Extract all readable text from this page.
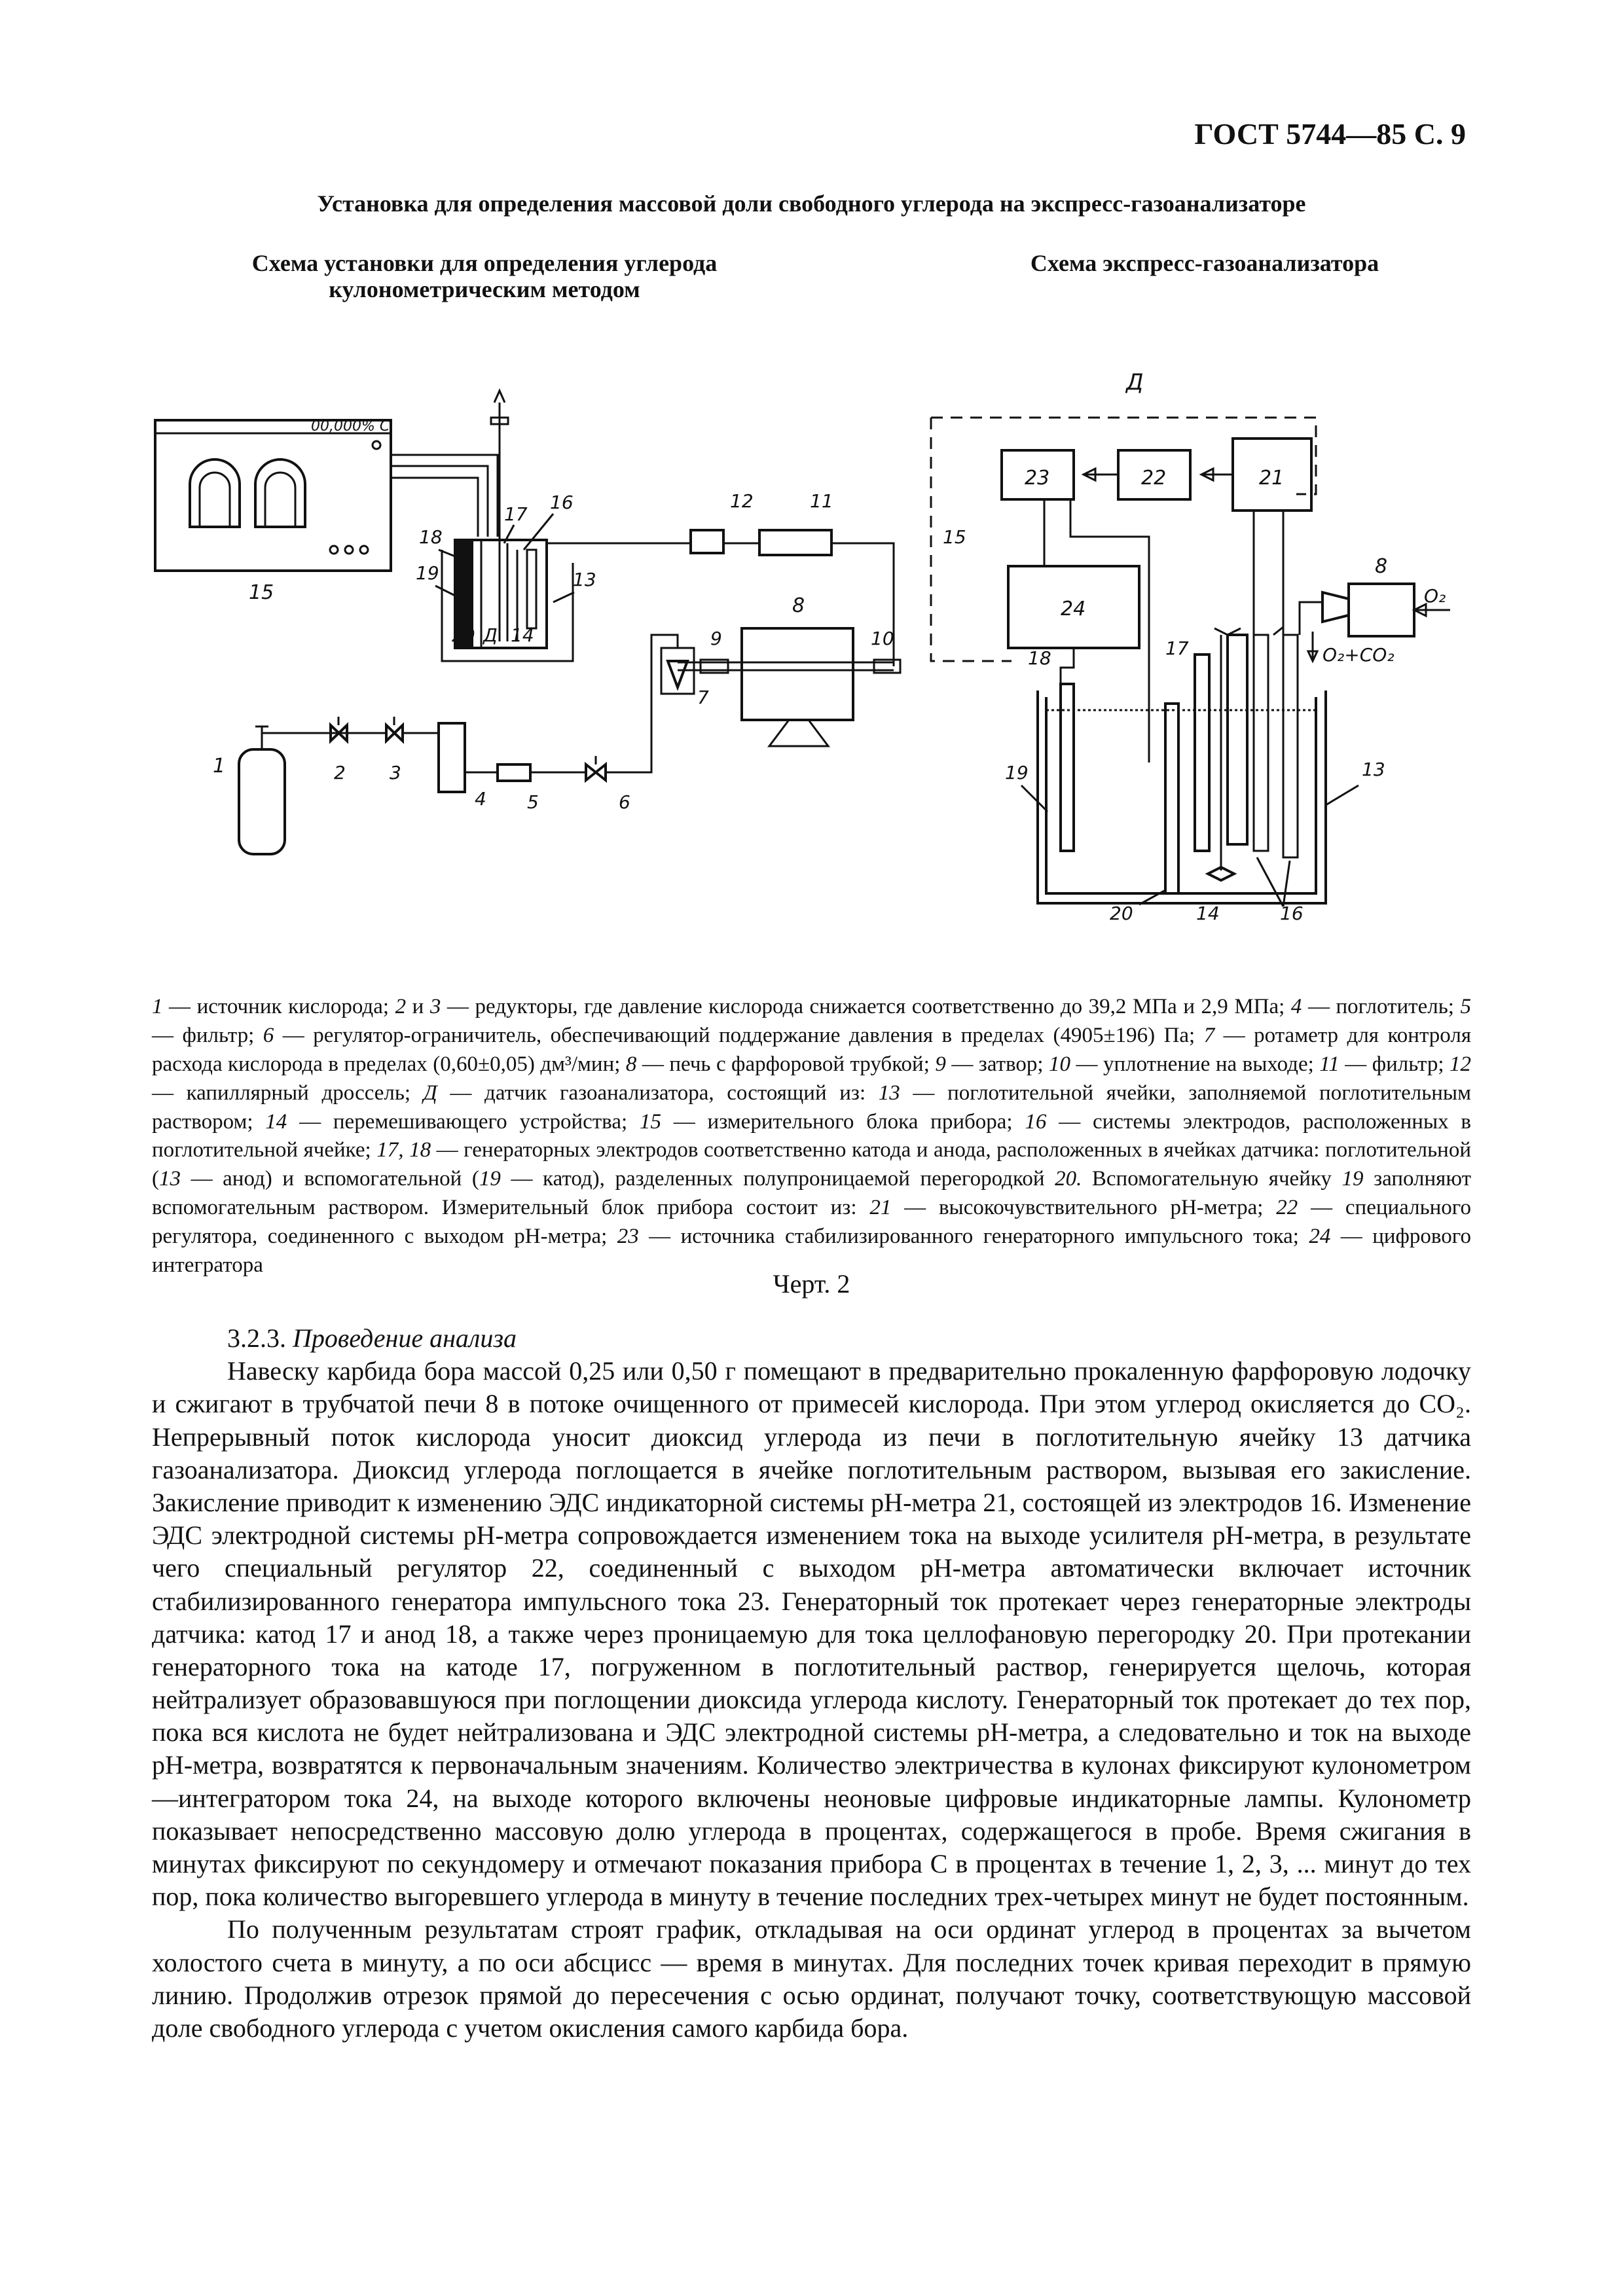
ГОСТ 5744—85 С. 9
Установка для определения массовой доли свободного углерода на экспресс-газоанализаторе
Схема установки для определения углерода кулонометрическим методом
Схема экспресс-газоанализатора
00,000% C
15
18
19
17
16
13
20 Д 14
12	11
8
9	10
7
1	2 3
4 5	6
Д
15
23	22	21
24
18
19
17
16
14
20
13
8
O₂
O₂+CO₂
1 — источник кислорода; 2 и 3 — редукторы, где давление кислорода снижается соответственно до 39,2 МПа и 2,9 МПа; 4 — поглотитель; 5 — фильтр; 6 — регулятор-ограничитель, обеспечивающий поддержание давления в пределах (4905±196) Па; 7 — ротаметр для контроля расхода кислорода в пределах (0,60±0,05) дм³/мин; 8 — печь с фарфоровой трубкой; 9 — затвор; 10 — уплотнение на выходе; 11 — фильтр; 12 — капиллярный дроссель; Д — датчик газоанализатора, состоящий из: 13 — поглотительной ячейки, заполняемой поглотительным раствором; 14 — перемешивающего устройства; 15 — измерительного блока прибора; 16 — системы электродов, расположенных в поглотительной ячейке; 17, 18 — генераторных электродов соответственно катода и анода, расположенных в ячейках датчика: поглотительной (13 — анод) и вспомогательной (19 — катод), разделенных полупроницаемой перегородкой 20. Вспомогательную ячейку 19 заполняют вспомогательным раствором. Измерительный блок прибора состоит из: 21 — высокочувствительного pH-метра; 22 — специального регулятора, соединенного с выходом pH-метра; 23 — источника стабилизированного генераторного импульсного тока; 24 — цифрового интегратора
Черт. 2

3.2.3. Проведение анализа

Навеску карбида бора массой 0,25 или 0,50 г помещают в предварительно прокаленную фарфоровую лодочку и сжигают в трубчатой печи 8 в потоке очищенного от примесей кислорода. При этом углерод окисляется до CO₂. Непрерывный поток кислорода уносит диоксид углерода из печи в поглотительную ячейку 13 датчика газоанализатора. Диоксид углерода поглощается в ячейке поглотительным раствором, вызывая его закисление. Закисление приводит к изменению ЭДС индикаторной системы pH-метра 21, состоящей из электродов 16. Изменение ЭДС электродной системы pH-метра сопровождается изменением тока на выходе усилителя pH-метра, в результате чего специальный регулятор 22, соединенный с выходом pH-метра автоматически включает источник стабилизированного генератора импульсного тока 23. Генераторный ток протекает через генераторные электроды датчика: катод 17 и анод 18, а также через проницаемую для тока целлофановую перегородку 20. При протекании генераторного тока на катоде 17, погруженном в поглотительный раствор, генерируется щелочь, которая нейтрализует образовавшуюся при поглощении диоксида углерода кислоту. Генераторный ток протекает до тех пор, пока вся кислота не будет нейтрализована и ЭДС электродной системы pH-метра, а следовательно и ток на выходе pH-метра, возвратятся к первоначальным значениям. Количество электричества в кулонах фиксируют кулонометром—интегратором тока 24, на выходе которого включены неоновые цифровые индикаторные лампы. Кулонометр показывает непосредственно массовую долю углерода в процентах, содержащегося в пробе. Время сжигания в минутах фиксируют по секундомеру и отмечают показания прибора С в процентах в течение 1, 2, 3, ... минут до тех пор, пока количество выгоревшего углерода в минуту в течение последних трех-четырех минут не будет постоянным.

По полученным результатам строят график, откладывая на оси ординат углерод в процентах за вычетом холостого счета в минуту, а по оси абсцисс — время в минутах. Для последних точек кривая переходит в прямую линию. Продолжив отрезок прямой до пересечения с осью ординат, получают точку, соответствующую массовой доле свободного углерода с учетом окисления самого карбида бора.
